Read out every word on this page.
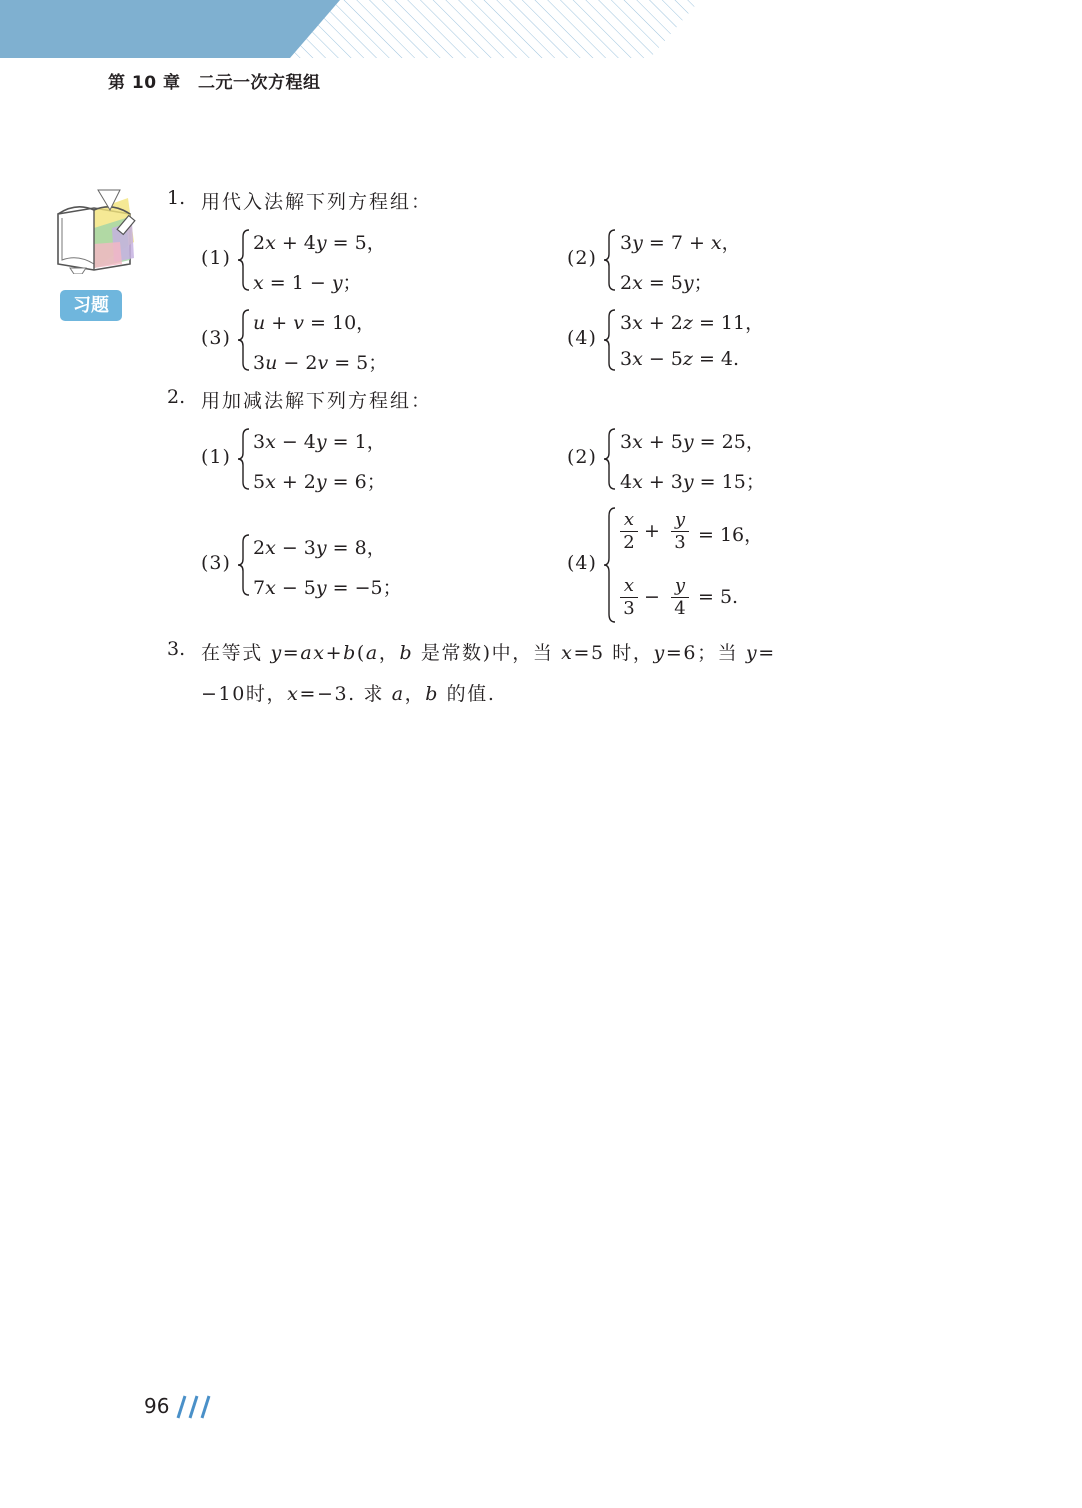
第 10 章　二元一次方程组
习题
1. 用代入法解下列方程组：
(1)
2x + 4y = 5，
x = 1 − y；
(2)
3y = 7 + x，
2x = 5y；
(3)
u + v = 10，
3u − 2v = 5；
(4)
3x + 2z = 11，
3x − 5z = 4.
2. 用加减法解下列方程组：
(1)
3x − 4y = 1，
5x + 2y = 6；
(2)
3x + 5y = 25，
4x + 3y = 15；
(3)
2x − 3y = 8，
7x − 5y = −5；
(4)
x
2
+
y
3 = 16，
x
3
−
y
4
= 5.
3. 在等式 y=ax+b(a，b 是常数)中，当 x=5 时，y=6；当 y=
−10时，x=−3. 求 a，b 的值.
96
